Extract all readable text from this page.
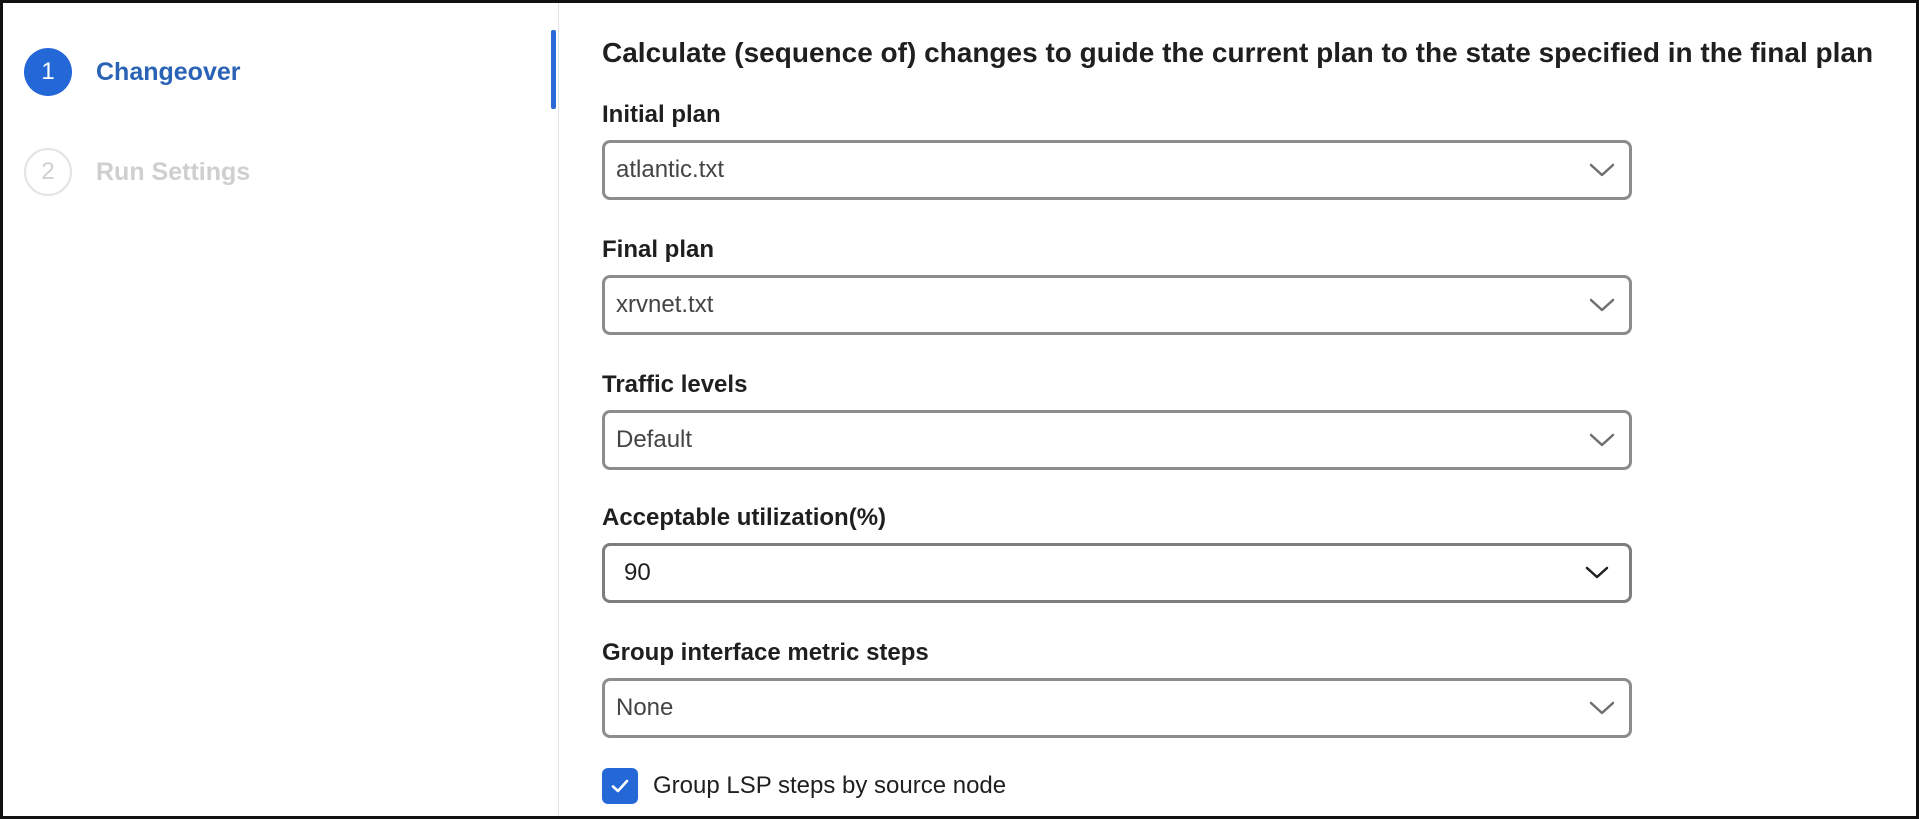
1	Changeover
2	Run Settings
Calculate (sequence of) changes to guide the current plan to the state specified in the final plan
Initial plan
atlantic.txt
Final plan
xrvnet.txt
Traffic levels
Default
Acceptable utilization(%)
90
Group interface metric steps
None
Group LSP steps by source node
